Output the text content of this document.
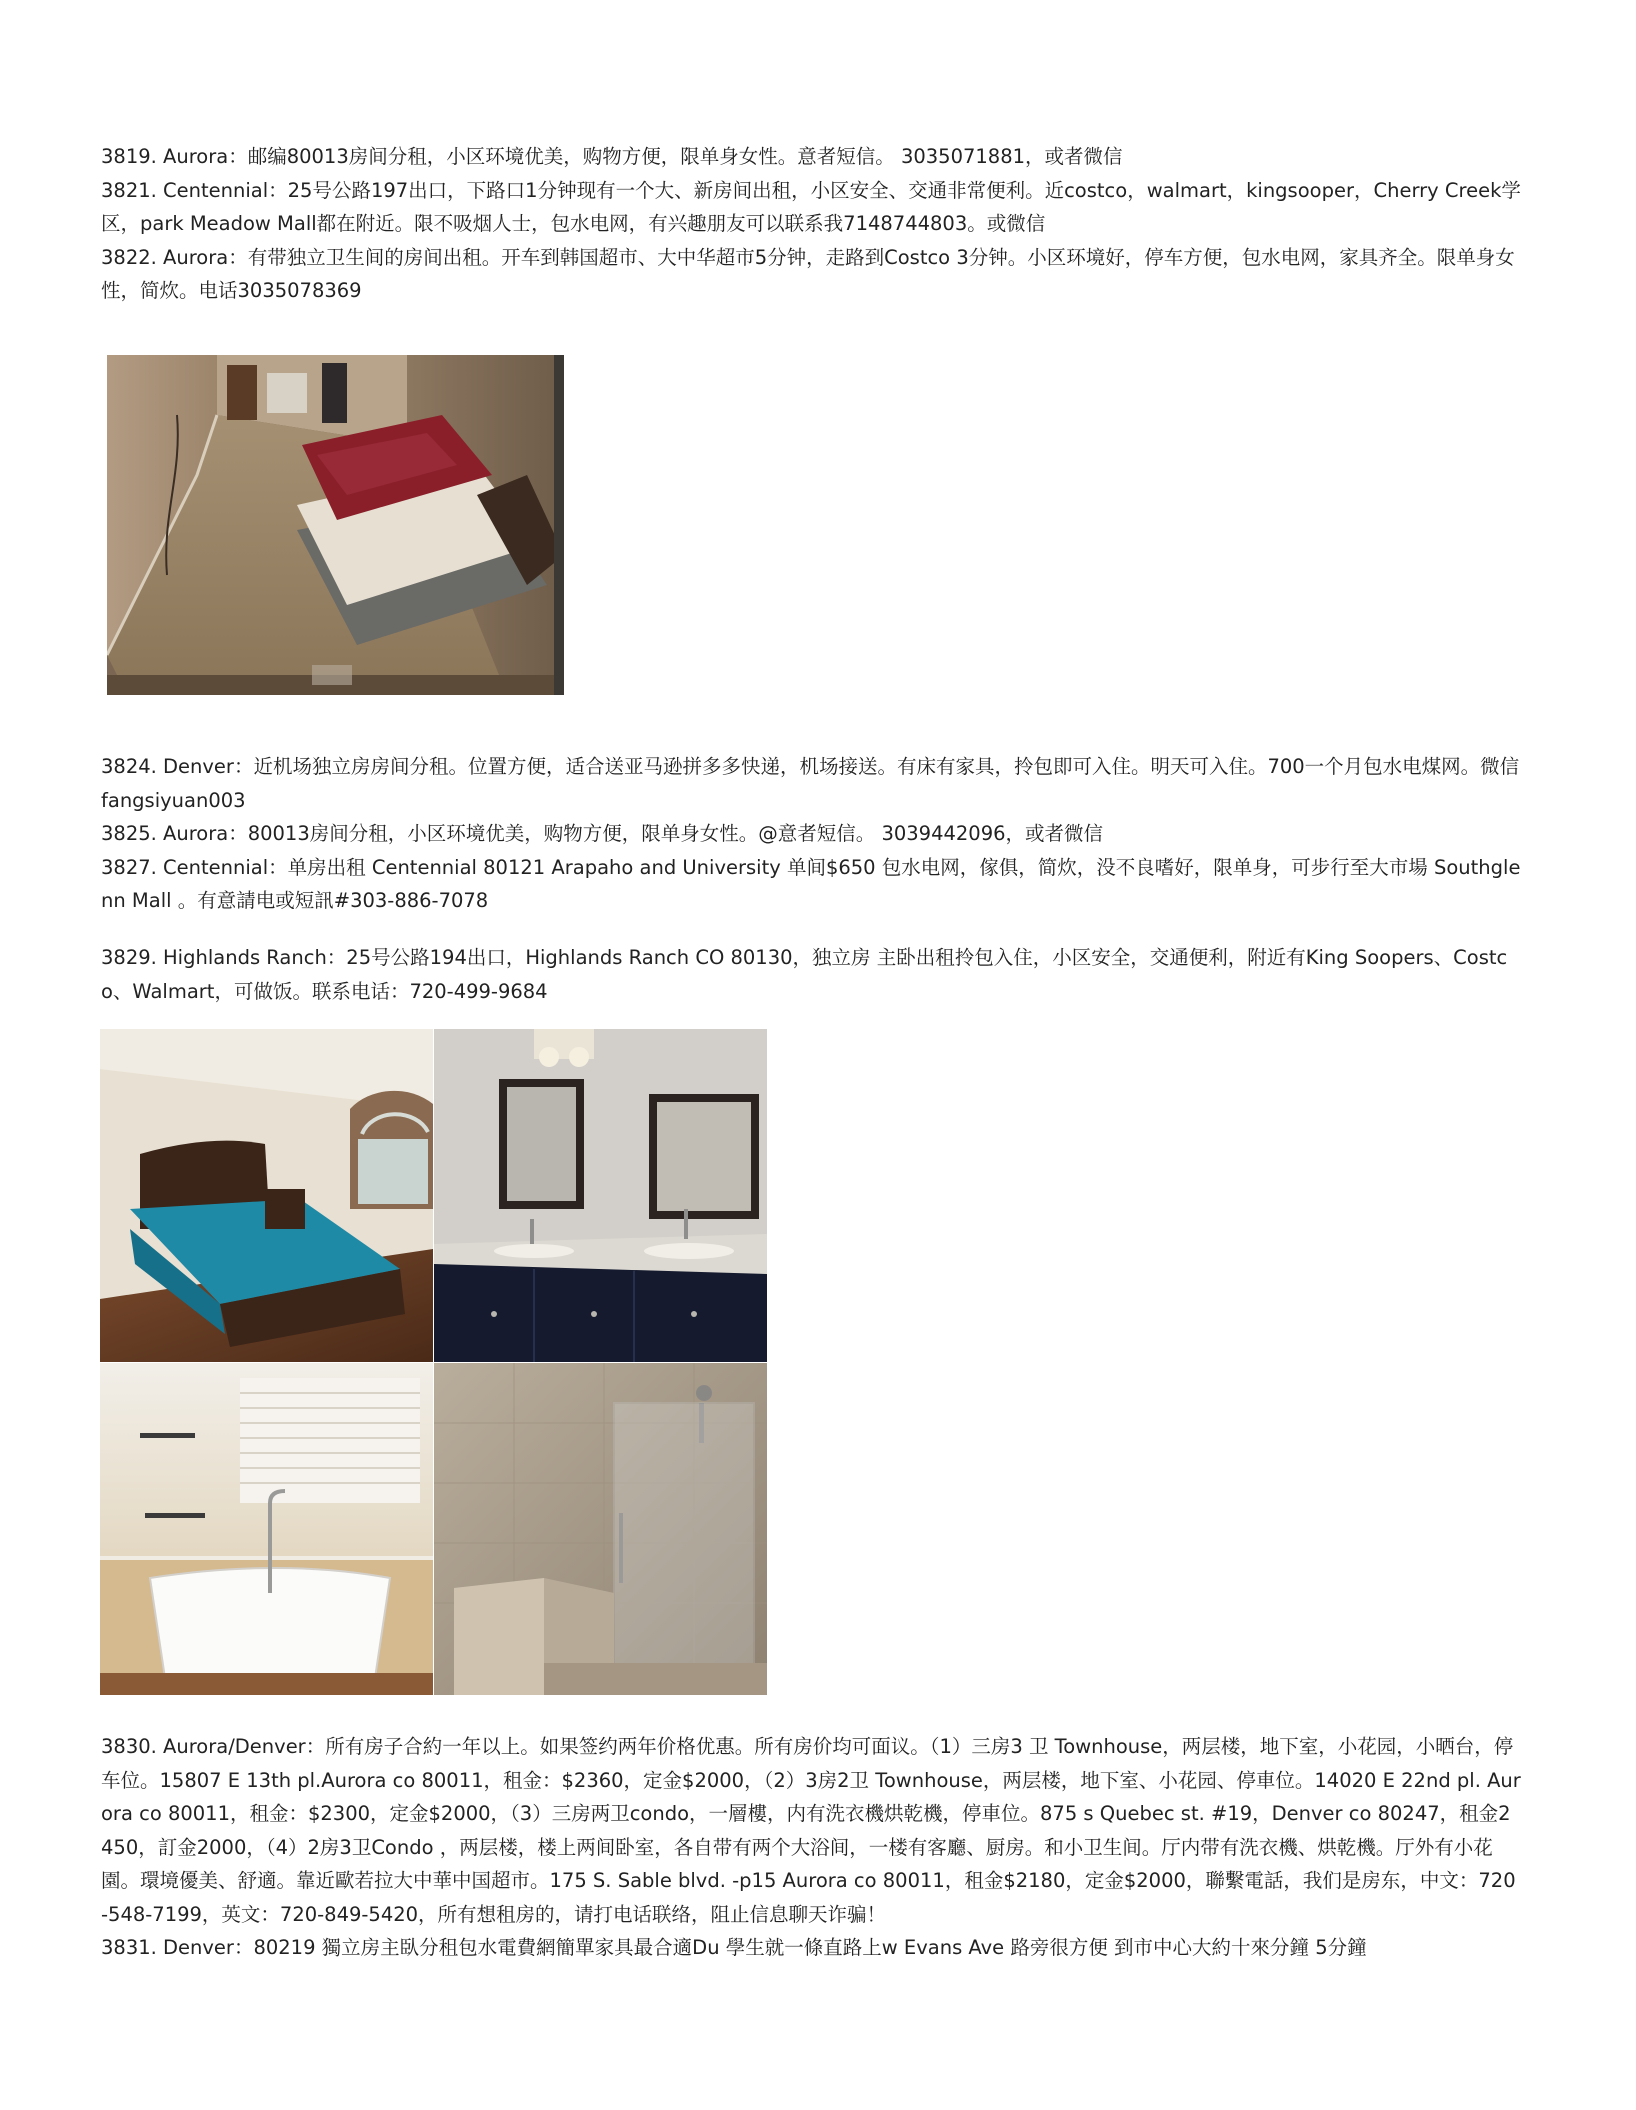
3819. Aurora：邮编80013房间分租，小区环境优美，购物方便，限单身女性。意者短信。 3035071881，或者微信

3821. Centennial：25号公路197出口，下路口1分钟现有一个大、新房间出租，小区安全、交通非常便利。近costco，walmart，kingsooper，Cherry Creek学区，park Meadow Mall都在附近。限不吸烟人士，包水电网，有兴趣朋友可以联系我7148744803。或微信

3822. Aurora：有带独立卫生间的房间出租。开车到韩国超市、大中华超市5分钟，走路到Costco 3分钟。小区环境好，停车方便，包水电网，家具齐全。限单身女性，简炊。电话3035078369

3824. Denver：近机场独立房房间分租。位置方便，适合送亚马逊拼多多快递，机场接送。有床有家具，拎包即可入住。明天可入住。700一个月包水电煤网。微信fangsiyuan003

3825. Aurora：80013房间分租，小区环境优美，购物方便，限单身女性。@意者短信。 3039442096，或者微信

3827. Centennial：单房出租 Centennial 80121 Arapaho and University 单间$650 包水电网，傢俱，简炊，没不良嗜好，限单身，可步行至大市場 Southglenn Mall 。有意請电或短訊#303-886-7078

3829. Highlands Ranch：25号公路194出口，Highlands Ranch CO 80130，独立房 主卧出租拎包入住，小区安全，交通便利，附近有King Soopers、Costco、Walmart，可做饭。联系电话：720-499-9684

3830. Aurora/Denver：所有房子合約一年以上。如果签约两年价格优惠。所有房价均可面议。（1）三房3 卫 Townhouse，两层楼，地下室，小花园，小晒台，停车位。15807 E 13th pl.Aurora co 80011，租金：$2360，定金$2000，（2）3房2卫 Townhouse，两层楼，地下室、小花园、停車位。14020 E 22nd pl. Aurora co 80011，租金：$2300，定金$2000，（3）三房两卫condo，一層樓，内有洗衣機烘乾機，停車位。875 s Quebec st. #19，Denver co 80247，租金2450，訂金2000，（4）2房3卫Condo ，两层楼，楼上两间卧室，各自带有两个大浴间，一楼有客廳、厨房。和小卫生间。厅内带有洗衣機、烘乾機。厅外有小花園。環境優美、舒適。靠近歐若拉大中華中国超市。175 S. Sable blvd. -p15 Aurora co 80011，租金$2180，定金$2000，聯繫電話，我们是房东，中文：720-548-7199，英文：720-849-5420，所有想租房的，请打电话联络，阻止信息聊天诈骗！

3831. Denver：80219 獨立房主臥分租包水電費網簡單家具最合適Du 學生就一條直路上w Evans Ave 路旁很方便 到市中心大約十來分鐘 5分鐘
